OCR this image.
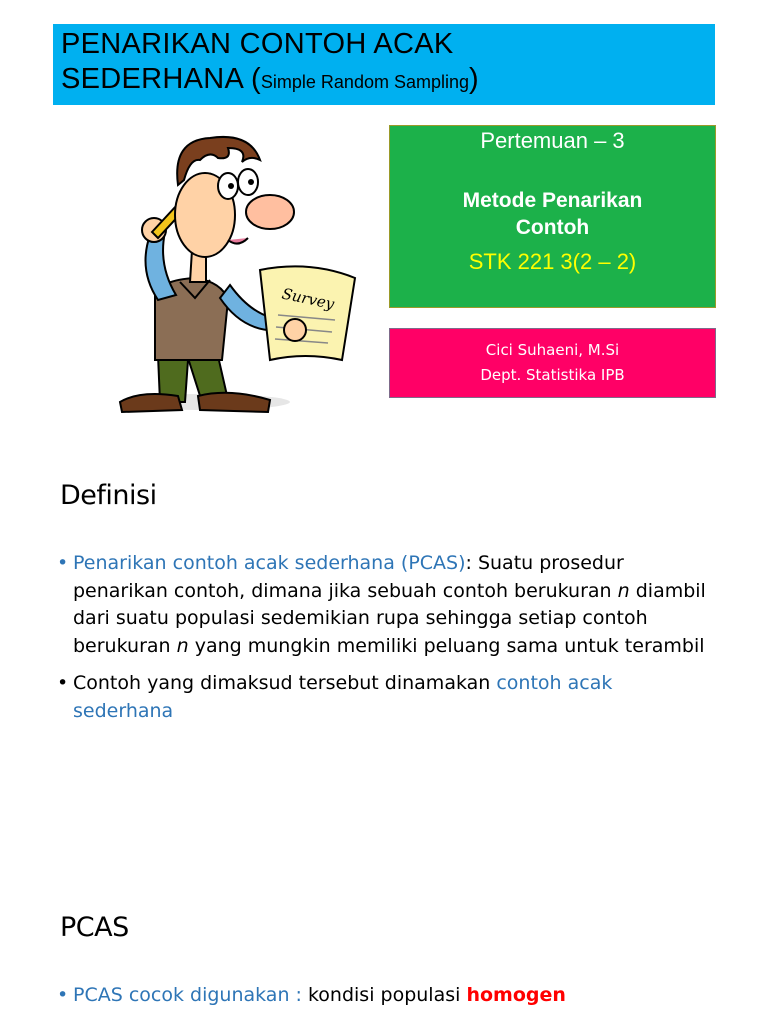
PENARIKAN CONTOH ACAK
SEDERHANA (Simple Random Sampling)
Survey
Pertemuan – 3
Metode Penarikan Contoh
STK 221 3(2 – 2)
Cici Suhaeni, M.Si
Dept. Statistika IPB
Definisi
• Penarikan contoh acak sederhana (PCAS): Suatu prosedur penarikan contoh, dimana jika sebuah contoh berukuran n diambil dari suatu populasi sedemikian rupa sehingga setiap contoh berukuran n yang mungkin memiliki peluang sama untuk terambil
• Contoh yang dimaksud tersebut dinamakan contoh acak sederhana
PCAS
• PCAS cocok digunakan : kondisi populasi homogen
